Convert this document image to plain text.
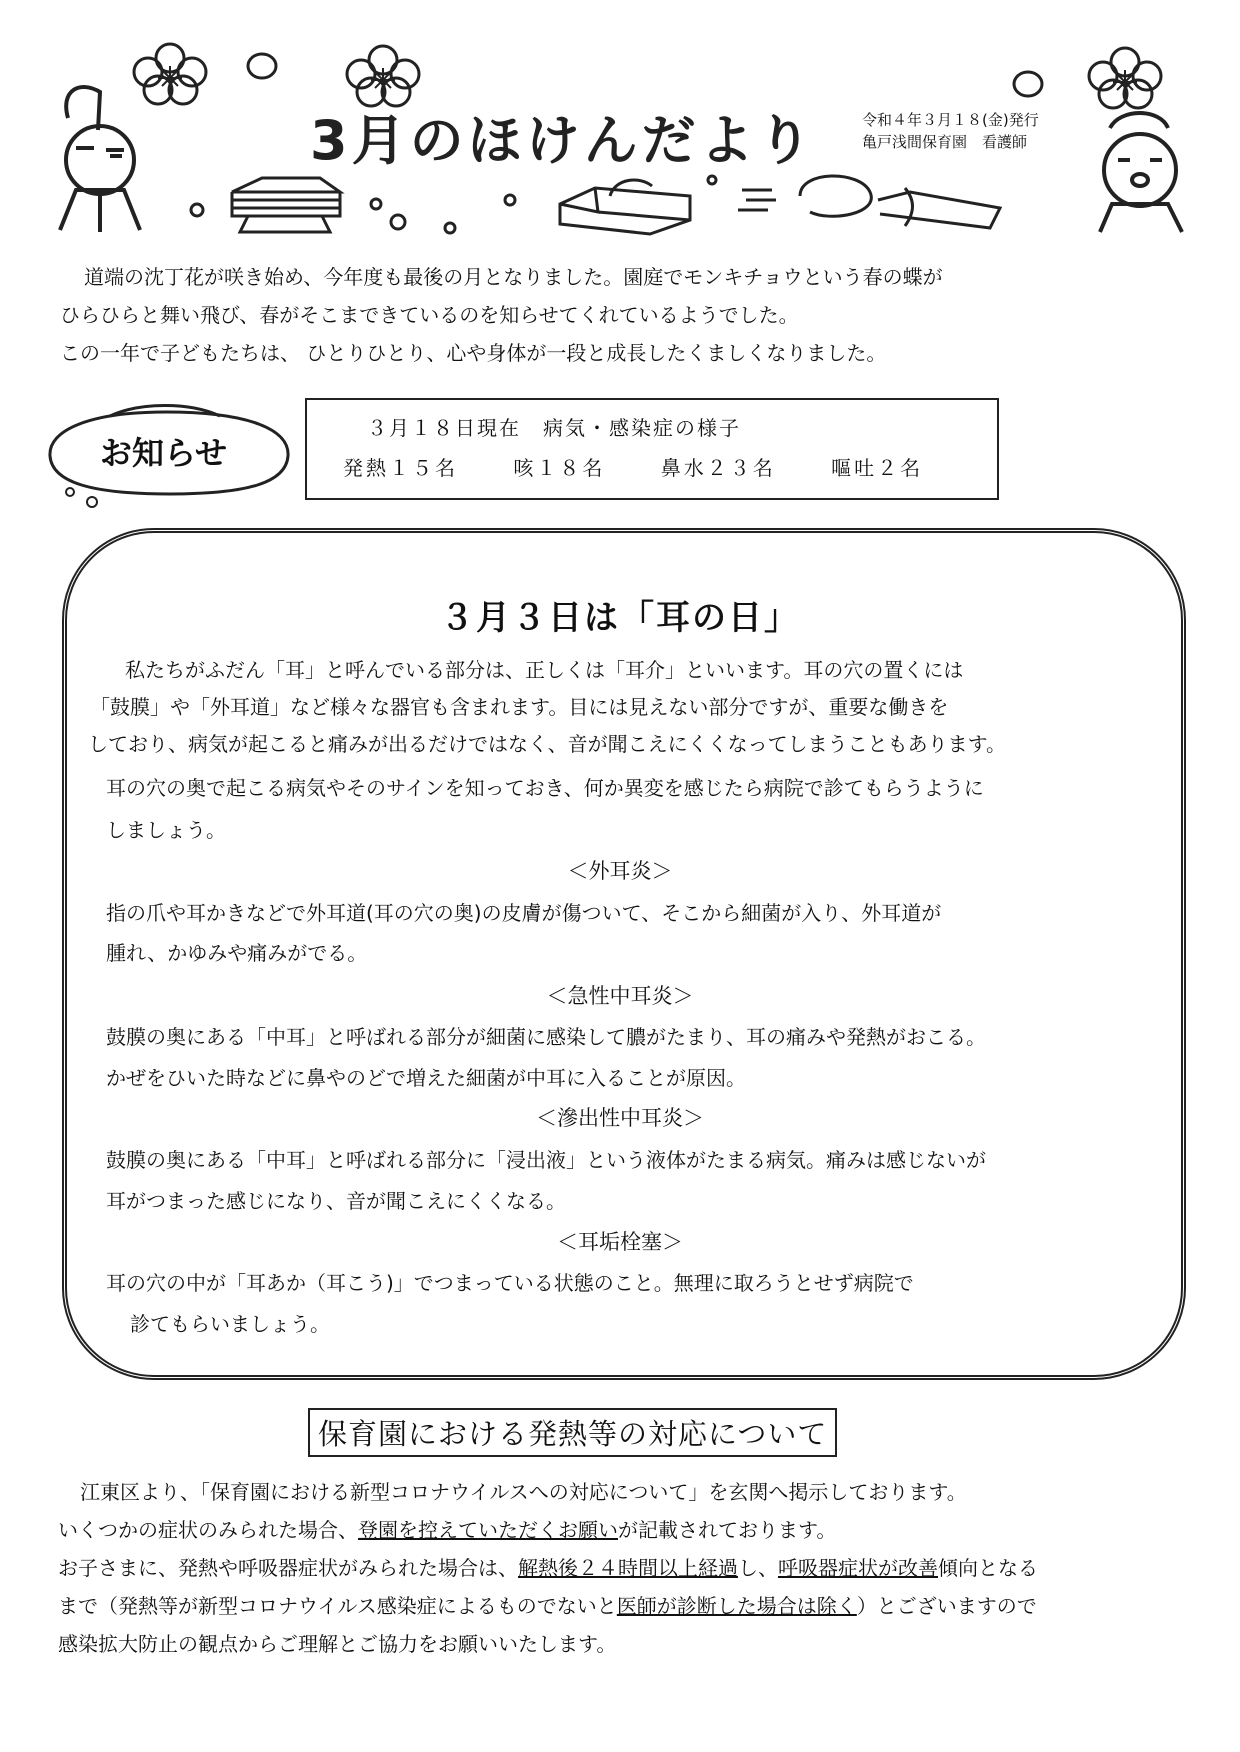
3月のほけんだより	令和４年３月１８(金)発行
亀戸浅間保育園　看護師

道端の沈丁花が咲き始め、今年度も最後の月となりました。園庭でモンキチョウという春の蝶が

ひらひらと舞い飛び、春がそこまできているのを知らせてくれているようでした。

この一年で子どもたちは、 ひとりひとり、心や身体が一段と成長したくましくなりました。

お知らせ
３月１８日現在　病気・感染症の様子
発熱１５名	咳１８名	鼻水２３名	嘔吐２名
３月３日は「耳の日」
私たちがふだん「耳」と呼んでいる部分は、正しくは「耳介」といいます。耳の穴の置くには
「鼓膜」や「外耳道」など様々な器官も含まれます。目には見えない部分ですが、重要な働きを
しており、病気が起こると痛みが出るだけではなく、音が聞こえにくくなってしまうこともあります。
耳の穴の奥で起こる病気やそのサインを知っておき、何か異変を感じたら病院で診てもらうように
しましょう。
＜外耳炎＞
指の爪や耳かきなどで外耳道(耳の穴の奥)の皮膚が傷ついて、そこから細菌が入り、外耳道が
腫れ、かゆみや痛みがでる。
＜急性中耳炎＞
鼓膜の奥にある「中耳」と呼ばれる部分が細菌に感染して膿がたまり、耳の痛みや発熱がおこる。
かぜをひいた時などに鼻やのどで増えた細菌が中耳に入ることが原因。
＜滲出性中耳炎＞
鼓膜の奥にある「中耳」と呼ばれる部分に「浸出液」という液体がたまる病気。痛みは感じないが
耳がつまった感じになり、音が聞こえにくくなる。
＜耳垢栓塞＞
耳の穴の中が「耳あか（耳こう)」でつまっている状態のこと。無理に取ろうとせず病院で
診てもらいましょう。
保育園における発熱等の対応について
江東区より、「保育園における新型コロナウイルスへの対応について」を玄関へ掲示しております。
いくつかの症状のみられた場合、登園を控えていただくお願いが記載されております。
お子さまに、発熱や呼吸器症状がみられた場合は、解熱後２４時間以上経過し、呼吸器症状が改善傾向となる
まで（発熱等が新型コロナウイルス感染症によるものでないと医師が診断した場合は除く）とございますので
感染拡大防止の観点からご理解とご協力をお願いいたします。
